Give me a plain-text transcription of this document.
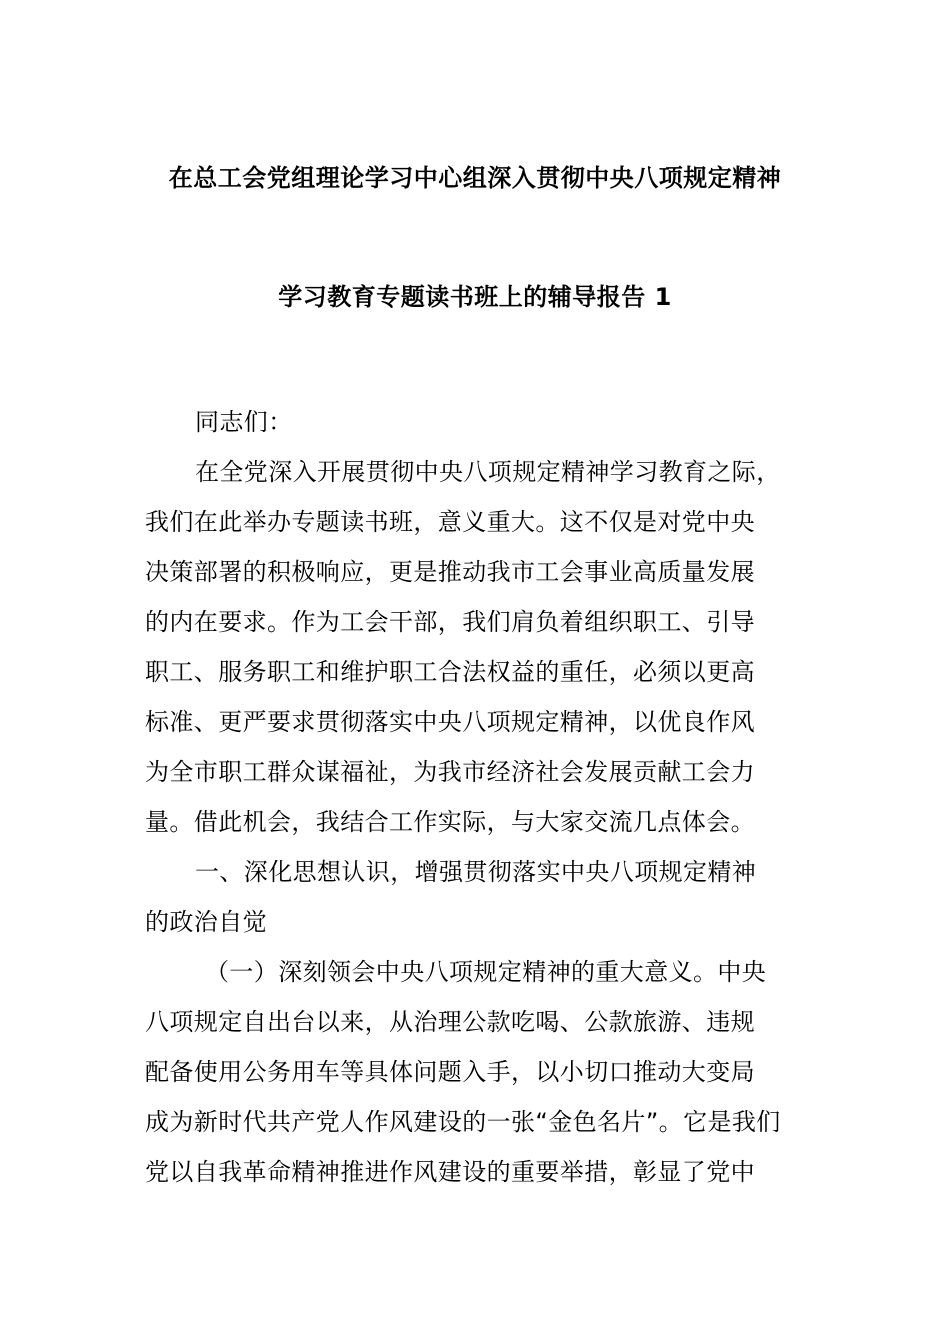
在总工会党组理论学习中心组深入贯彻中央八项规定精神
学习教育专题读书班上的辅导报告 1
同志们：
在全党深入开展贯彻中央八项规定精神学习教育之际，
我们在此举办专题读书班，意义重大。这不仅是对党中央
决策部署的积极响应，更是推动我市工会事业高质量发展
的内在要求。作为工会干部，我们肩负着组织职工、引导
职工、服务职工和维护职工合法权益的重任，必须以更高
标准、更严要求贯彻落实中央八项规定精神，以优良作风
为全市职工群众谋福祉，为我市经济社会发展贡献工会力
量。借此机会，我结合工作实际，与大家交流几点体会。
一、深化思想认识，增强贯彻落实中央八项规定精神
的政治自觉
（一）深刻领会中央八项规定精神的重大意义。中央
八项规定自出台以来，从治理公款吃喝、公款旅游、违规
配备使用公务用车等具体问题入手，以小切口推动大变局
成为新时代共产党人作风建设的一张“金色名片”。它是我们
党以自我革命精神推进作风建设的重要举措，彰显了党中
